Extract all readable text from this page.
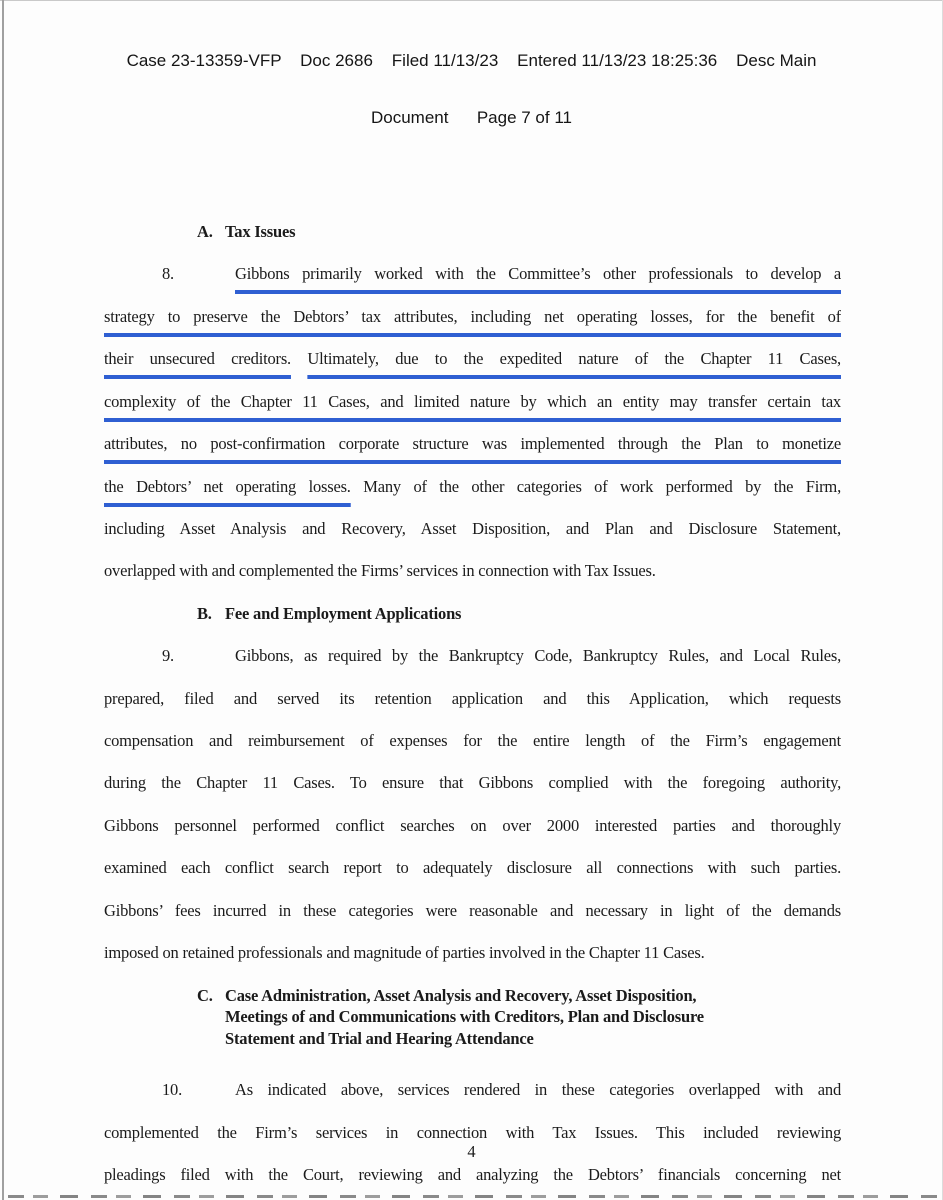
Case 23-13359-VFP    Doc 2686    Filed 11/13/23    Entered 11/13/23 18:25:36    Desc Main

Document      Page 7 of 11

A. Tax Issues
8.	Gibbons primarily worked with the Committee’s other professionals to develop a
strategy to preserve the Debtors’ tax attributes, including net operating losses, for the benefit of
their unsecured creditors. Ultimately, due to the expedited nature of the Chapter 11 Cases,
complexity of the Chapter 11 Cases, and limited nature by which an entity may transfer certain tax
attributes, no post-confirmation corporate structure was implemented through the Plan to monetize
the Debtors’ net operating losses. Many of the other categories of work performed by the Firm,
including Asset Analysis and Recovery, Asset Disposition, and Plan and Disclosure Statement,
overlapped with and complemented the Firms’ services in connection with Tax Issues.
B. Fee and Employment Applications
9.	Gibbons, as required by the Bankruptcy Code, Bankruptcy Rules, and Local Rules,
prepared, filed and served its retention application and this Application, which requests
compensation and reimbursement of expenses for the entire length of the Firm’s engagement
during the Chapter 11 Cases. To ensure that Gibbons complied with the foregoing authority,
Gibbons personnel performed conflict searches on over 2000 interested parties and thoroughly
examined each conflict search report to adequately disclosure all connections with such parties.
Gibbons’ fees incurred in these categories were reasonable and necessary in light of the demands
imposed on retained professionals and magnitude of parties involved in the Chapter 11 Cases.
C. Case Administration, Asset Analysis and Recovery, Asset Disposition,
Meetings of and Communications with Creditors, Plan and Disclosure
Statement and Trial and Hearing Attendance
10.	As indicated above, services rendered in these categories overlapped with and
complemented the Firm’s services in connection with Tax Issues. This included reviewing
pleadings filed with the Court, reviewing and analyzing the Debtors’ financials concerning net
4
